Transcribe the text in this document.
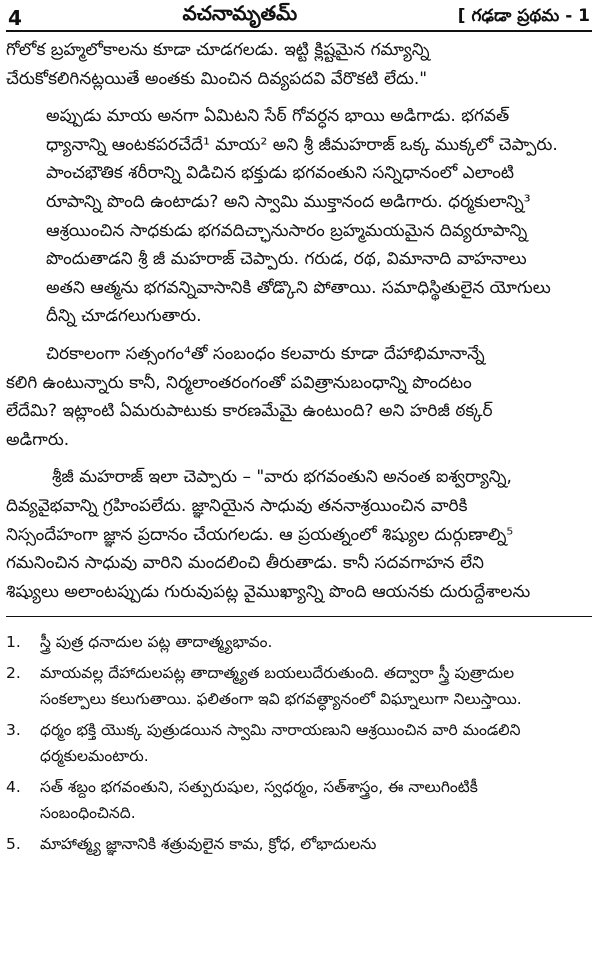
4	వచనామృతమ్	[ గఢడా ప్రథమ - 1

గోలోక బ్రహ్మలోకాలను కూడా చూడగలడు. ఇట్టి క్లిష్టమైన గమ్యాన్ని
చేరుకోకలిగినట్లయితే అంతకు మించిన దివ్యపదవి వేరొకటి లేదు."

అప్పుడు మాయ అనగా ఏమిటని సేఠ్ గోవర్ధన భాయి అడిగాడు. భగవత్
ధ్యానాన్ని ఆంటకపరచేదే¹ మాయ² అని శ్రీ జీమహరాజ్ ఒక్క ముక్కలో చెప్పారు.
పాంచభౌతిక శరీరాన్ని విడిచిన భక్తుడు భగవంతుని సన్నిధానంలో ఎలాంటి
రూపాన్ని పొంది ఉంటాడు? అని స్వామి ముక్తానంద అడిగారు. ధర్మకులాన్ని³
ఆశ్రయించిన సాధకుడు భగవదిచ్ఛానుసారం బ్రహ్మమయమైన దివ్యరూపాన్ని
పొందుతాడని శ్రీ జీ మహరాజ్ చెప్పారు. గరుడ, రథ, విమానాది వాహనాలు
అతని ఆత్మను భగవన్నివాసానికి తోడ్కొని పోతాయి. సమాధిస్థితులైన యోగులు
దీన్ని చూడగలుగుతారు.

చిరకాలంగా సత్సంగం⁴తో సంబంధం కలవారు కూడా దేహాభిమానాన్నే
కలిగి ఉంటున్నారు కానీ, నిర్మలాంతరంగంతో పవిత్రానుబంధాన్ని పొందటం
లేదేమి? ఇట్లాంటి ఏమరుపాటుకు కారణమేమై ఉంటుంది? అని హరిజీ ఠక్కర్
అడిగారు.

శ్రీజీ మహరాజ్ ఇలా చెప్పారు – "వారు భగవంతుని అనంత ఐశ్వర్యాన్ని,
దివ్యవైభవాన్ని గ్రహింపలేదు. జ్ఞానియైన సాధువు తననాశ్రయించిన వారికి
నిస్సందేహంగా జ్ఞాన ప్రదానం చేయగలడు. ఆ ప్రయత్నంలో శిష్యుల దుర్గుణాల్ని⁵
గమనించిన సాధువు వారిని మందలించి తీరుతాడు. కానీ సదవగాహన లేని
శిష్యులు అలాంటప్పుడు గురువుపట్ల వైముఖ్యాన్ని పొంది ఆయనకు దురుద్దేశాలను

1.	స్త్రీ పుత్ర ధనాదుల పట్ల తాదాత్మ్యభావం.
2.	మాయవల్ల దేహాదులపట్ల తాదాత్మ్యత బయలుదేరుతుంది. తద్వారా స్త్రీ పుత్రాదుల
సంకల్పాలు కలుగుతాయి. ఫలితంగా ఇవి భగవత్ధ్యానంలో విఘ్నాలుగా నిలుస్తాయి.
3.	ధర్మం భక్తి యొక్క పుత్రుడయిన స్వామి నారాయణుని ఆశ్రయించిన వారి మండలిని
ధర్మకులమంటారు.
4.	సత్ శబ్దం భగవంతుని, సత్పురుషుల, స్వధర్మం, సత్‌శాస్త్రం, ఈ నాలుగింటికీ
సంబంధించినది.
5.	మాహాత్మ్య జ్ఞానానికి శత్రువులైన కామ, క్రోధ, లోభాదులను
